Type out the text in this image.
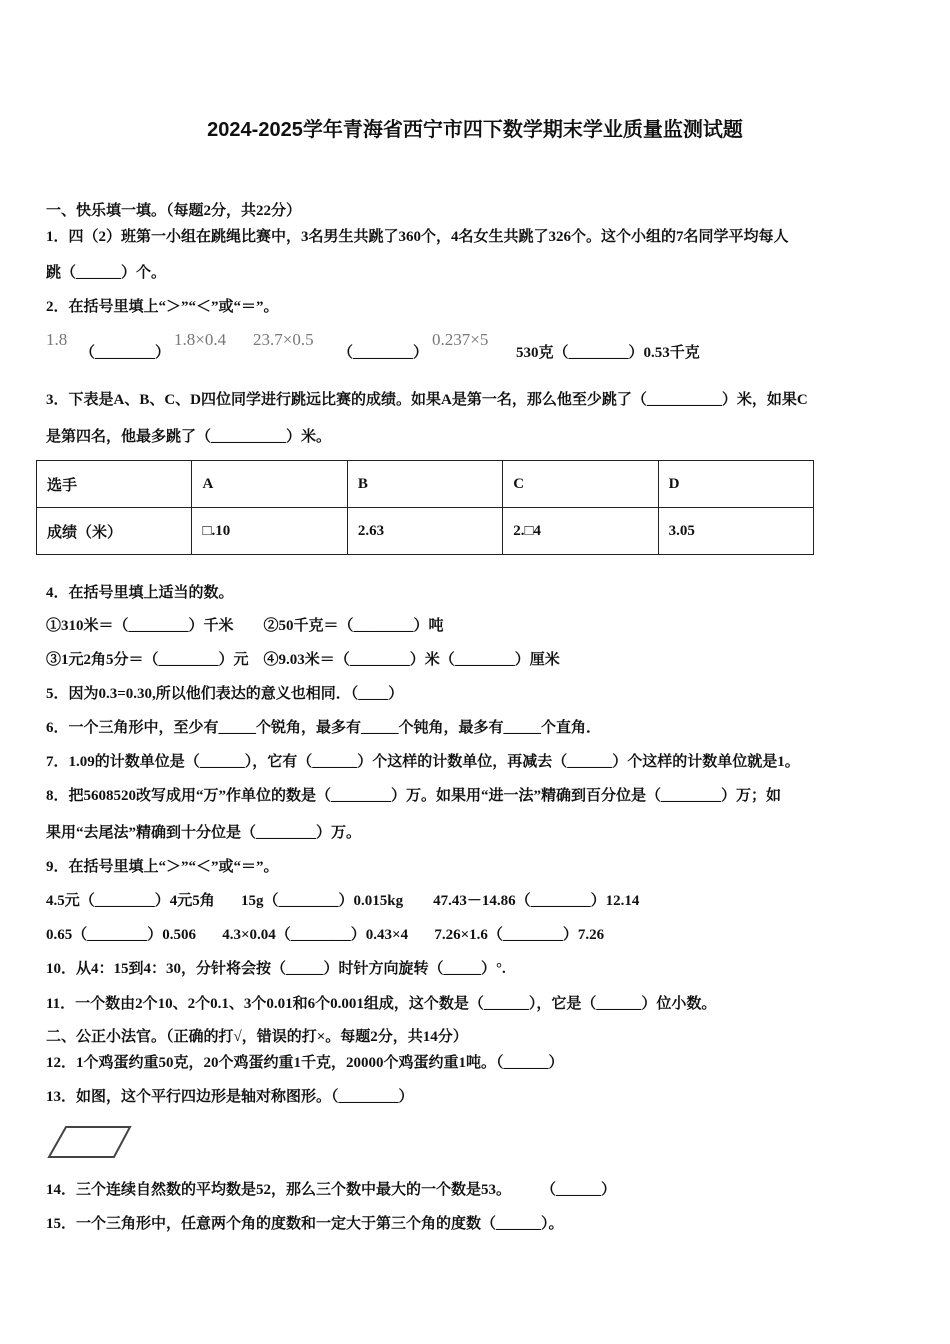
2024-2025学年青海省西宁市四下数学期末学业质量监测试题
一、快乐填一填。（每题2分，共22分）
1．四（2）班第一小组在跳绳比赛中，3名男生共跳了360个，4名女生共跳了326个。这个小组的7名同学平均每人
跳（______）个。
2．在括号里填上“＞”“＜”或“＝”。
1.8
（________）
1.8×0.4 23.7×0.5
（________）
0.237×5
530克（________）0.53千克
3．下表是A、B、C、D四位同学进行跳远比赛的成绩。如果A是第一名，那么他至少跳了（__________）米，如果C
是第四名，他最多跳了（__________）米。
选手	A	B	C	D
成绩（米）	□.10	2.63	2.□4	3.05
4．在括号里填上适当的数。
①310米＝（________）千米        ②50千克＝（________）吨
③1元2角5分＝（________）元    ④9.03米＝（________）米（________）厘米
5．因为0.3=0.30,所以他们表达的意义也相同．（____）
6．一个三角形中，至少有_____个锐角，最多有_____个钝角，最多有_____个直角．
7．1.09的计数单位是（______），它有（______）个这样的计数单位，再减去（______）个这样的计数单位就是1。
8．把5608520改写成用“万”作单位的数是（________）万。如果用“进一法”精确到百分位是（________）万；如
果用“去尾法”精确到十分位是（________）万。
9．在括号里填上“＞”“＜”或“＝”。
4.5元（________）4元5角       15g（________）0.015kg        47.43－14.86（________）12.14
0.65（________）0.506       4.3×0.04（________）0.43×4       7.26×1.6（________）7.26
10．从4：15到4：30，分针将会按（_____）时针方向旋转（_____）°.
11．一个数由2个10、2个0.1、3个0.01和6个0.001组成，这个数是（______），它是（______）位小数。
二、公正小法官。（正确的打√，错误的打×。每题2分，共14分）
12．1个鸡蛋约重50克，20个鸡蛋约重1千克，20000个鸡蛋约重1吨。（______）
13．如图，这个平行四边形是轴对称图形。（________）
14．三个连续自然数的平均数是52，那么三个数中最大的一个数是53。        （______）
15．一个三角形中，任意两个角的度数和一定大于第三个角的度数（______）。
